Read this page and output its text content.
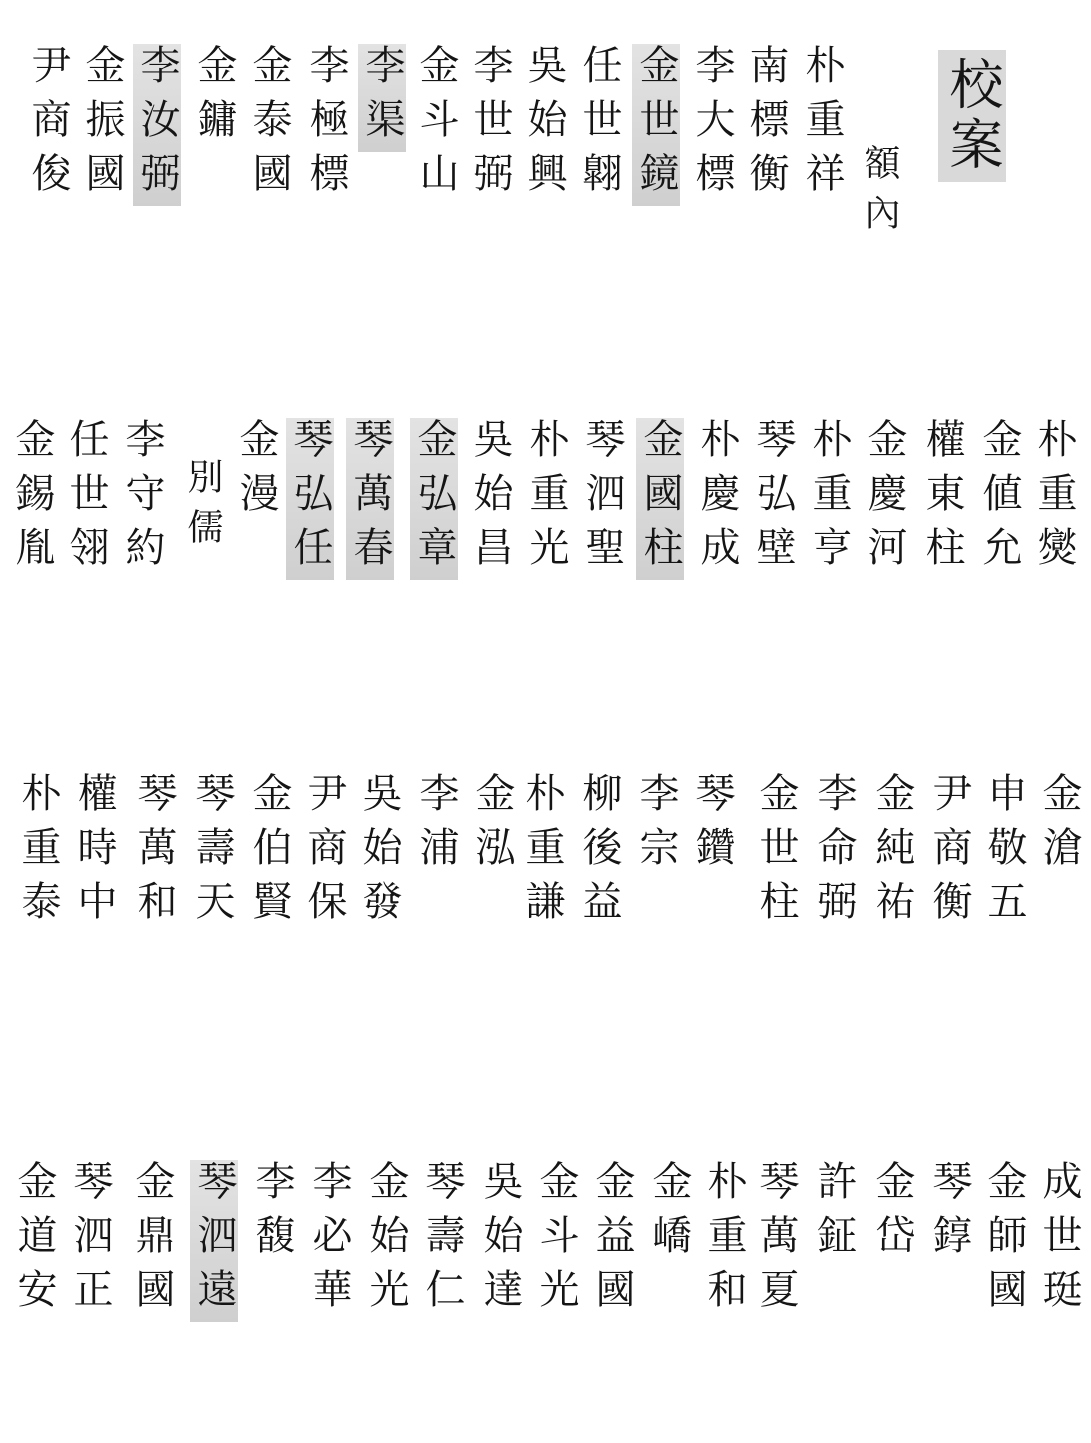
校案
額內
朴重祥
南標衡
李大標
金世鏡
任世翺
吳始興
李世弼
金斗山
李渠
李極標
金泰國
金鏞
李汝弼
金振國
尹商俊
朴重爕
金値允
權東柱
金慶河
朴重亨
琴弘壁
朴慶成
金國柱
琴泗聖
朴重光
吳始昌
金弘章
琴萬春
琴弘任
金漫
別儒
李守約
任世翎
金錫胤
金滄
申敬五
尹商衡
金純祐
李命弼
金世柱
琴鑽
李宗
柳後益
朴重謙
金泓
李浦
吳始發
尹商保
金伯賢
琴壽天
琴萬和
權時中
朴重泰
成世珽
金師國
琴錞
金岱
許鉦
琴萬夏
朴重和
金嶠
金益國
金斗光
吳始達
琴壽仁
金始光
李必華
李馥
琴泗遠
金鼎國
琴泗正
金道安
